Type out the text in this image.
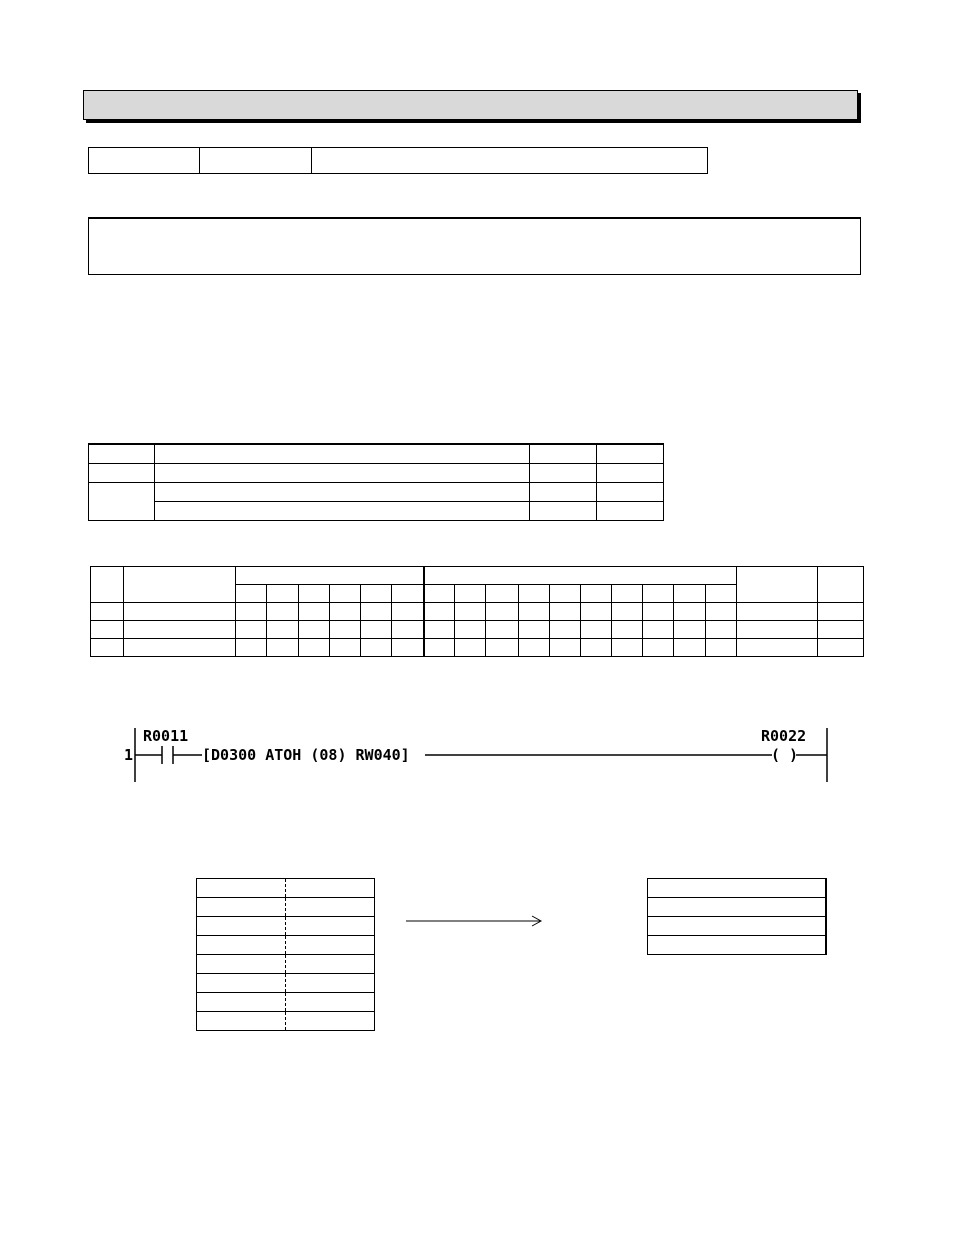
1
R0011
[D0300 ATOH (08) RW040]
R0022
( )
